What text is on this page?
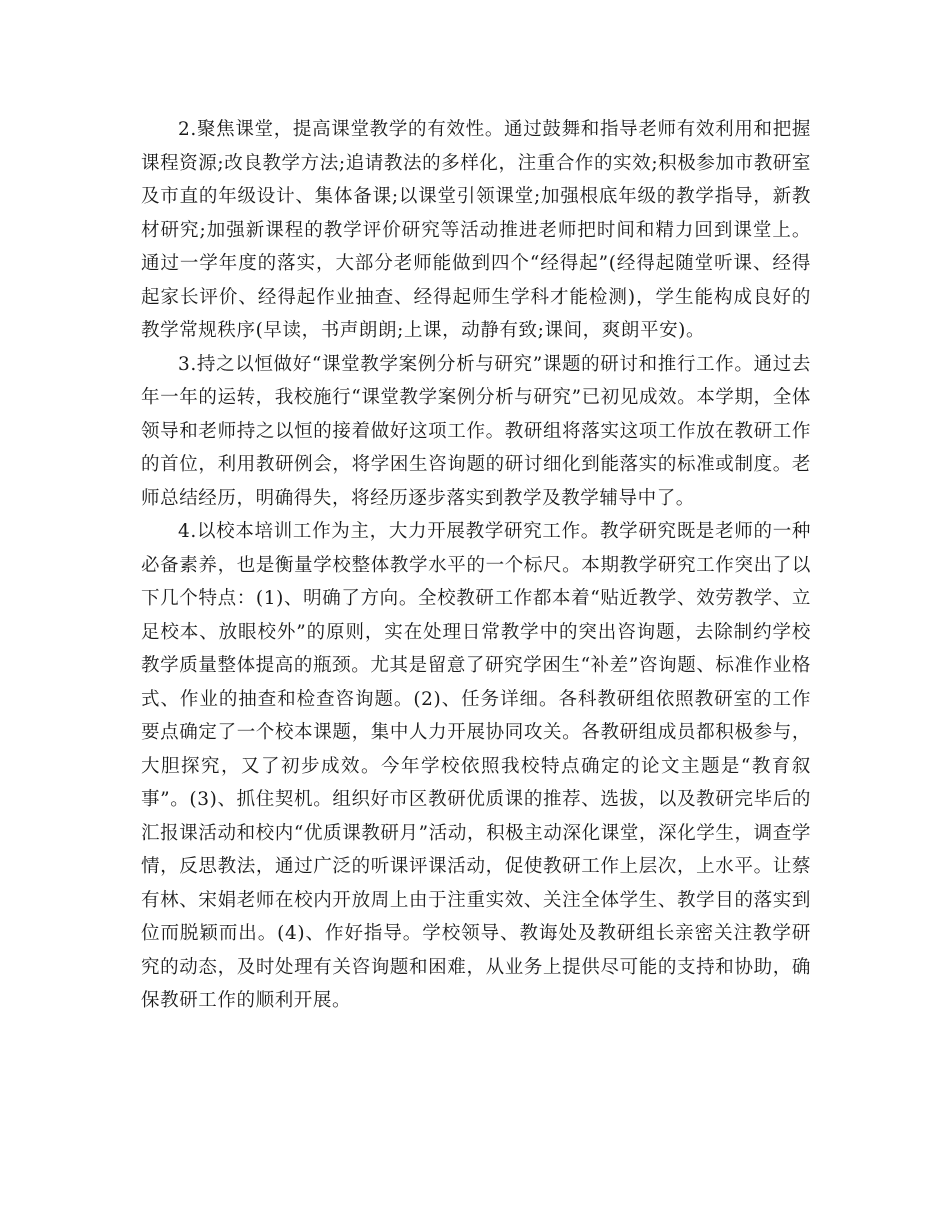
2.聚焦课堂，提高课堂教学的有效性。通过鼓舞和指导老师有效利用和把握课程资源;改良教学方法;追请教法的多样化，注重合作的实效;积极参加市教研室及市直的年级设计、集体备课;以课堂引领课堂;加强根底年级的教学指导，新教材研究;加强新课程的教学评价研究等活动推进老师把时间和精力回到课堂上。通过一学年度的落实，大部分老师能做到四个“经得起”(经得起随堂听课、经得起家长评价、经得起作业抽查、经得起师生学科才能检测)，学生能构成良好的教学常规秩序(早读，书声朗朗;上课，动静有致;课间，爽朗平安)。

3.持之以恒做好“课堂教学案例分析与研究”课题的研讨和推行工作。通过去年一年的运转，我校施行“课堂教学案例分析与研究”已初见成效。本学期，全体领导和老师持之以恒的接着做好这项工作。教研组将落实这项工作放在教研工作的首位，利用教研例会，将学困生咨询题的研讨细化到能落实的标准或制度。老师总结经历，明确得失，将经历逐步落实到教学及教学辅导中了。

4.以校本培训工作为主，大力开展教学研究工作。教学研究既是老师的一种必备素养，也是衡量学校整体教学水平的一个标尺。本期教学研究工作突出了以下几个特点：(1)、明确了方向。全校教研工作都本着“贴近教学、效劳教学、立足校本、放眼校外”的原则，实在处理日常教学中的突出咨询题，去除制约学校教学质量整体提高的瓶颈。尤其是留意了研究学困生“补差”咨询题、标准作业格式、作业的抽查和检查咨询题。(2)、任务详细。各科教研组依照教研室的工作要点确定了一个校本课题，集中人力开展协同攻关。各教研组成员都积极参与，大胆探究，又了初步成效。今年学校依照我校特点确定的论文主题是“教育叙事”。(3)、抓住契机。组织好市区教研优质课的推荐、选拔，以及教研完毕后的汇报课活动和校内“优质课教研月”活动，积极主动深化课堂，深化学生，调查学情，反思教法，通过广泛的听课评课活动，促使教研工作上层次，上水平。让蔡有林、宋娟老师在校内开放周上由于注重实效、关注全体学生、教学目的落实到位而脱颖而出。(4)、作好指导。学校领导、教诲处及教研组长亲密关注教学研究的动态，及时处理有关咨询题和困难，从业务上提供尽可能的支持和协助，确保教研工作的顺利开展。
